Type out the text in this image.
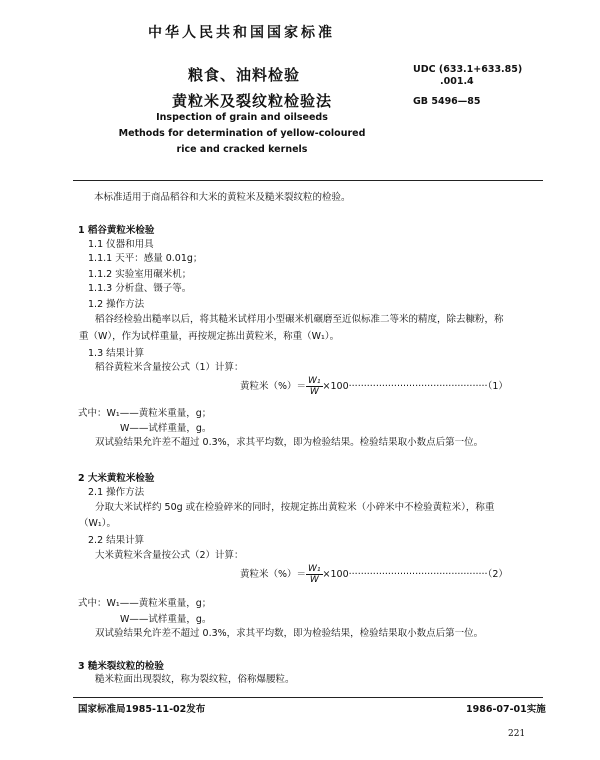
中华人民共和国国家标准
粮食、油料检验
黄粒米及裂纹粒检验法
Inspection of grain and oilseeds
Methods for determination of yellow-coloured
rice and cracked kernels
UDC (633.1+633.85)
.001.4
GB 5496—85
本标准适用于商品稻谷和大米的黄粒米及糙米裂纹粒的检验。
1 稻谷黄粒米检验
1.1 仪器和用具
1.1.1 天平：感量 0.01g；
1.1.2 实验室用碾米机；
1.1.3 分析盘、镊子等。
1.2 操作方法
稻谷经检验出糙率以后，将其糙米试样用小型碾米机碾磨至近似标准二等米的精度，除去糠粉，称
重（W），作为试样重量，再按规定拣出黄粒米，称重（W₁）。
1.3 结果计算
稻谷黄粒米含量按公式（1）计算：
黄粒米（%）＝ $\frac{\text{W₁}}{W} \times 100\cdot\cdot\cdot\cdot\cdot\cdot\cdot\cdot\cdot\cdot\cdot\cdot\cdot\cdot\cdot\cdot\cdot\cdot\cdot\cdot\cdot\cdot\cdot\cdot\cdot\cdot\cdot\cdot\cdot\cdot\cdot\cdot\cdot\cdot\cdot\cdot\cdot\cdot\cdot\cdot\cdot\cdot\cdot\cdot\cdot\cdot(1)$
式中：W₁——黄粒米重量，g；
W——试样重量，g。
双试验结果允许差不超过 0.3%，求其平均数，即为检验结果。检验结果取小数点后第一位。
2 大米黄粒米检验
2.1 操作方法
分取大米试样约 50g 或在检验碎米的同时，按规定拣出黄粒米（小碎米中不检验黄粒米），称重
（W₁）。
2.2 结果计算
大米黄粒米含量按公式（2）计算：
黄粒米（%）＝ $\frac{\text{W₁}}{W} \times 100\cdot\cdot\cdot\cdot\cdot\cdot\cdot\cdot\cdot\cdot\cdot\cdot\cdot\cdot\cdot\cdot\cdot\cdot\cdot\cdot\cdot\cdot\cdot\cdot\cdot\cdot\cdot\cdot\cdot\cdot\cdot\cdot\cdot\cdot\cdot\cdot\cdot\cdot\cdot\cdot\cdot\cdot\cdot\cdot\cdot\cdot(2)$
式中：W₁——黄粒米重量，g；
W——试样重量，g。
双试验结果允许差不超过 0.3%，求其平均数，即为检验结果，检验结果取小数点后第一位。
3 糙米裂纹粒的检验
糙米粒面出现裂纹，称为裂纹粒，俗称爆腰粒。
国家标准局1985-11-02发布	1986-07-01实施
221
